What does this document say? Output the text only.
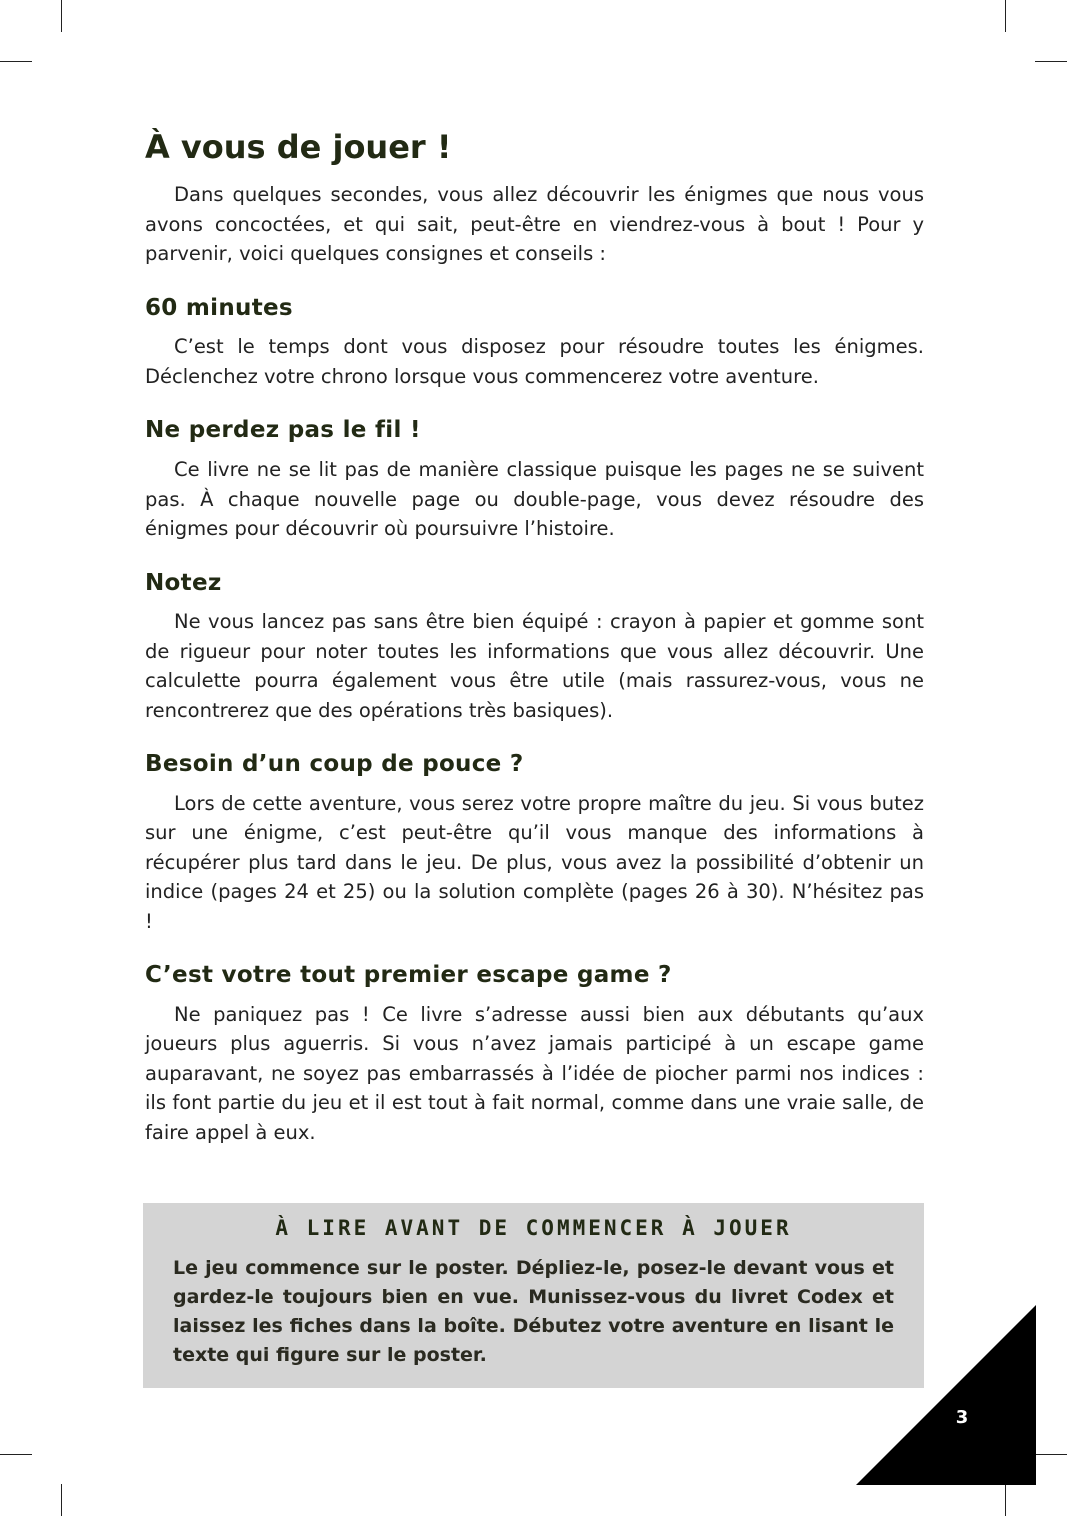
À vous de jouer !

Dans quelques secondes, vous allez découvrir les énigmes que nous vous avons concoctées, et qui sait, peut-être en viendrez-vous à bout ! Pour y parvenir, voici quelques consignes et conseils :

60 minutes

C’est le temps dont vous disposez pour résoudre toutes les énigmes. Déclenchez votre chrono lorsque vous commencerez votre aventure.

Ne perdez pas le fil !

Ce livre ne se lit pas de manière classique puisque les pages ne se suivent pas. À chaque nouvelle page ou double-page, vous devez résoudre des énigmes pour découvrir où poursuivre l’histoire.

Notez

Ne vous lancez pas sans être bien équipé : crayon à papier et gomme sont de rigueur pour noter toutes les informations que vous allez découvrir. Une calculette pourra également vous être utile (mais rassurez-vous, vous ne rencontrerez que des opérations très basiques).

Besoin d’un coup de pouce ?

Lors de cette aventure, vous serez votre propre maître du jeu. Si vous butez sur une énigme, c’est peut-être qu’il vous manque des informations à récupérer plus tard dans le jeu. De plus, vous avez la possibilité d’obtenir un indice (pages 24 et 25) ou la solution complète (pages 26 à 30). N’hésitez pas !

C’est votre tout premier escape game ?

Ne paniquez pas ! Ce livre s’adresse aussi bien aux débutants qu’aux joueurs plus aguerris. Si vous n’avez jamais participé à un escape game auparavant, ne soyez pas embarrassés à l’idée de piocher parmi nos indices : ils font partie du jeu et il est tout à fait normal, comme dans une vraie salle, de faire appel à eux.

À LIRE AVANT DE COMMENCER À JOUER
Le jeu commence sur le poster. Dépliez-le, posez-le devant vous et gardez-le toujours bien en vue. Munissez-vous du livret Codex et laissez les fiches dans la boîte. Débutez votre aventure en lisant le texte qui figure sur le poster.
3
